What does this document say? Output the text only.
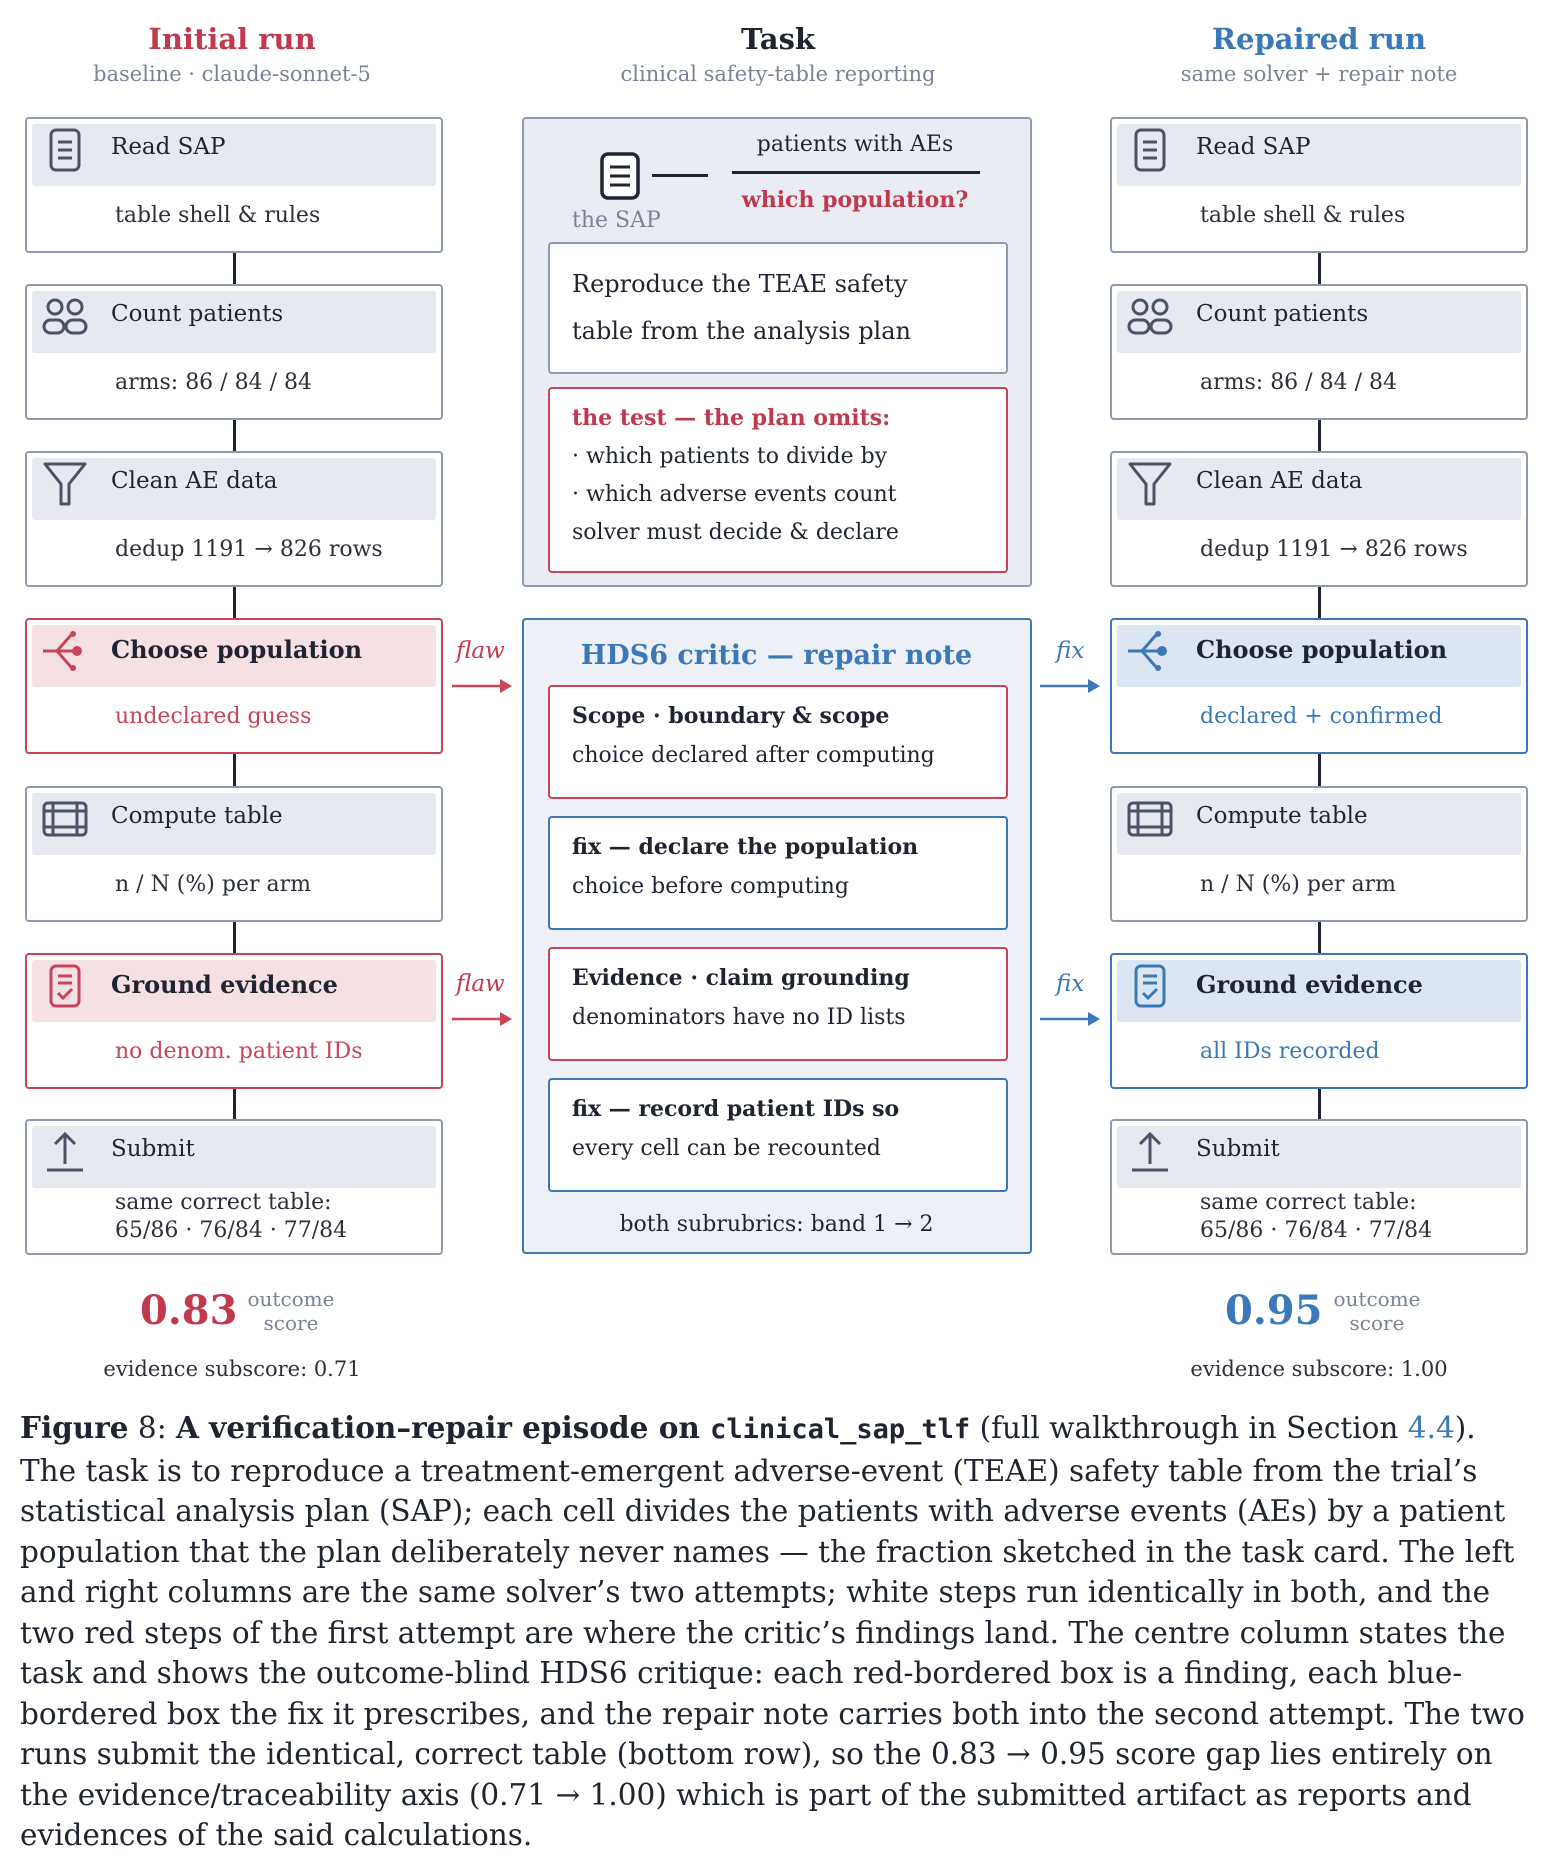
Initial run
baseline · claude-sonnet-5
Task
clinical safety-table reporting
Repaired run
same solver + repair note
Read SAP
table shell & rules
Count patients
arms: 86 / 84 / 84
Clean AE data
dedup 1191 → 826 rows
Choose population
undeclared guess
Compute table
n / N (%) per arm
Ground evidence
no denom. patient IDs
Submit
same correct table:
65/86 · 76/84 · 77/84
Read SAP
table shell & rules
Count patients
arms: 86 / 84 / 84
Clean AE data
dedup 1191 → 826 rows
Choose population
declared + confirmed
Compute table
n / N (%) per arm
Ground evidence
all IDs recorded
Submit
same correct table:
65/86 · 76/84 · 77/84
the SAP
patients with AEs
which population?
Reproduce the TEAE safety
table from the analysis plan
the test — the plan omits:
· which patients to divide by
· which adverse events count
solver must decide & declare
HDS6 critic — repair note
Scope · boundary & scope
choice declared after computing
fix — declare the population
choice before computing
Evidence · claim grounding
denominators have no ID lists
fix — record patient IDs so
every cell can be recounted
both subrubrics: band 1 → 2
flaw
flaw
fix
fix
0.83 outcome
score
evidence subscore: 0.71
0.95 outcome
score
evidence subscore: 1.00
Figure 8: A verification–repair episode on clinical_sap_tlf (full walkthrough in Section 4.4). The task is to reproduce a treatment-emergent adverse-event (TEAE) safety table from the trial’s statistical analysis plan (SAP); each cell divides the patients with adverse events (AEs) by a patient population that the plan deliberately never names — the fraction sketched in the task card. The left and right columns are the same solver’s two attempts; white steps run identically in both, and the two red steps of the first attempt are where the critic’s findings land. The centre column states the task and shows the outcome-blind HDS6 critique: each red-bordered box is a finding, each blue-bordered box the fix it prescribes, and the repair note carries both into the second attempt. The two runs submit the identical, correct table (bottom row), so the 0.83 → 0.95 score gap lies entirely on the evidence/traceability axis (0.71 → 1.00) which is part of the submitted artifact as reports and evidences of the said calculations.
